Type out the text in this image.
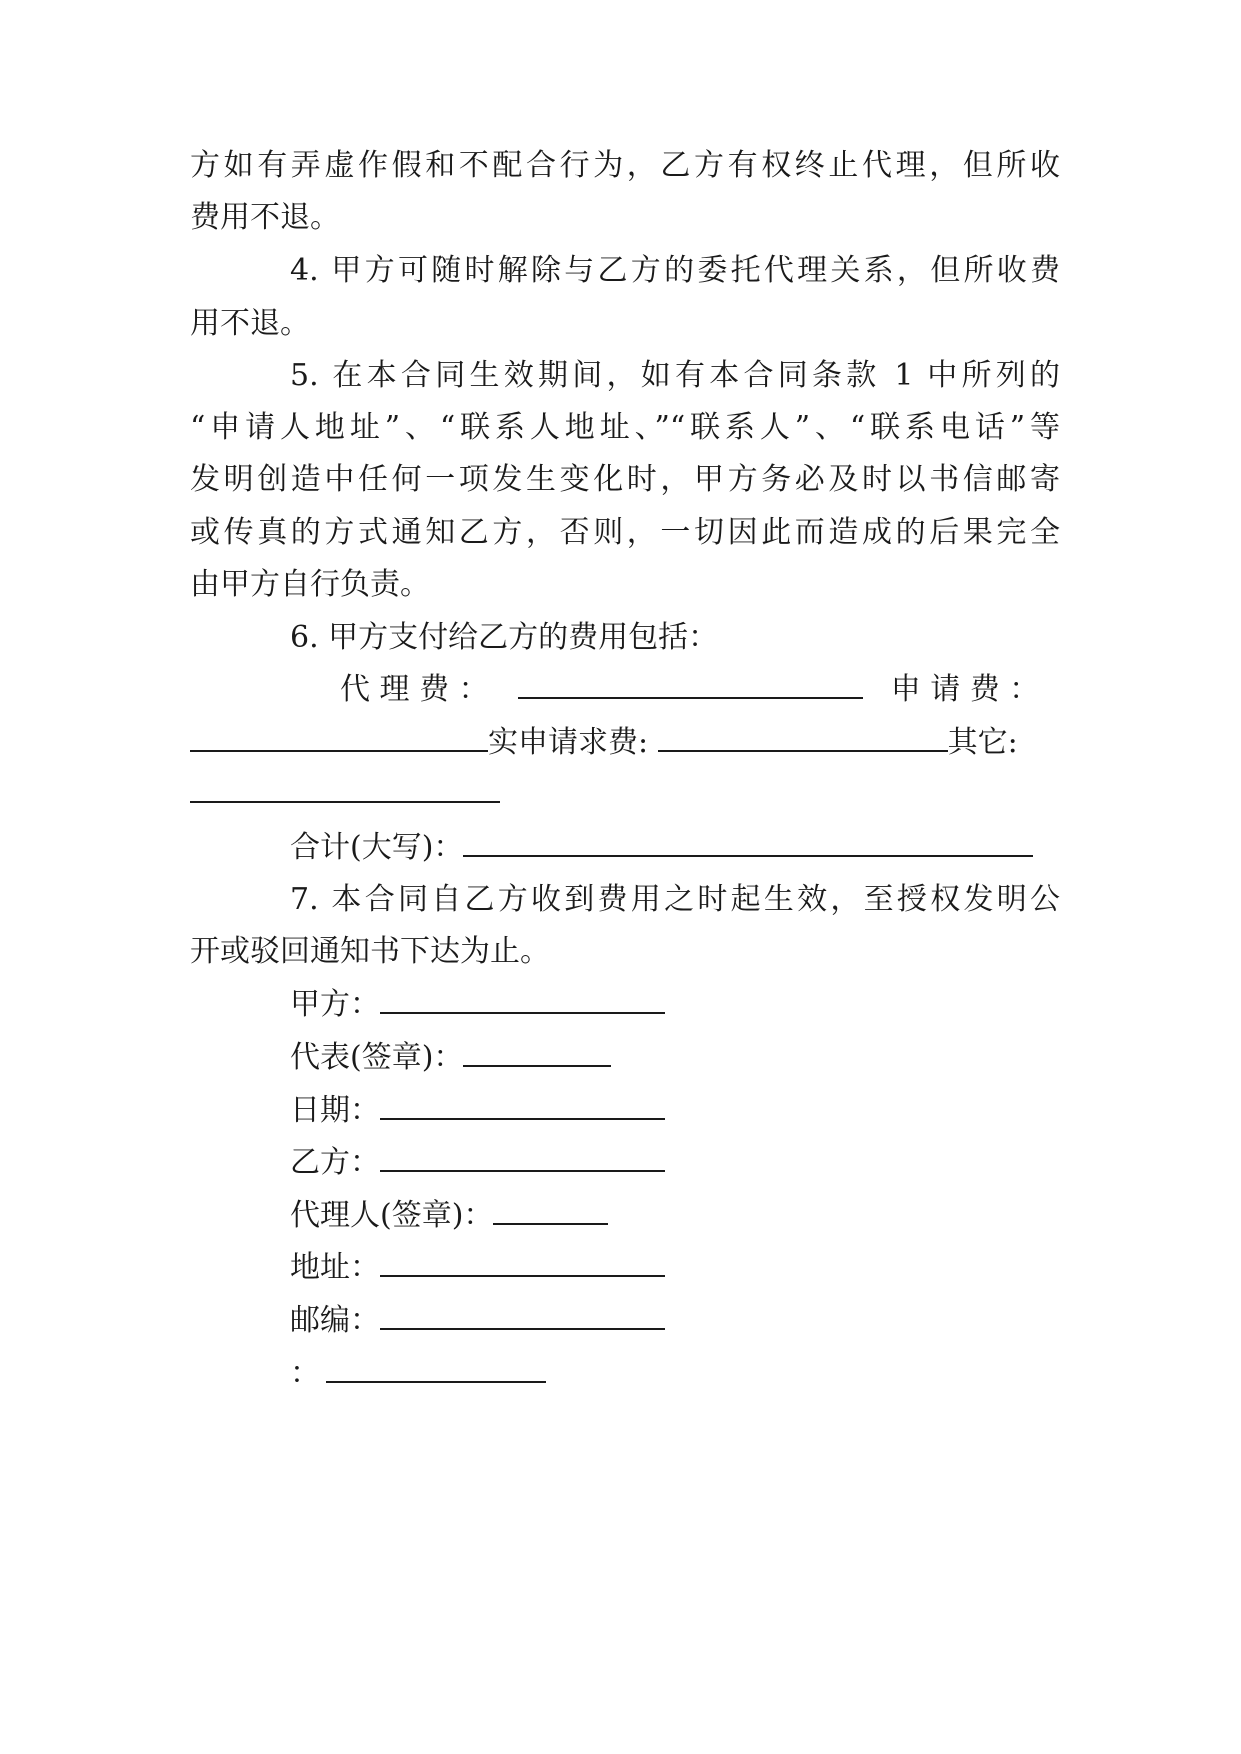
方如有弄虚作假和不配合行为，乙方有权终止代理，但所收
费用不退。
4. 甲方可随时解除与乙方的委托代理关系，但所收费
用不退。
5. 在本合同生效期间，如有本合同条款 1 中所列的
“申请人地址”、“联系人地址、”“联系人”、“联系电话”等
发明创造中任何一项发生变化时，甲方务必及时以书信邮寄
或传真的方式通知乙方，否则，一切因此而造成的后果完全
由甲方自行负责。
6. 甲方支付给乙方的费用包括：
代 理 费 ：	申 请 费 ：
实申请求费:	其它:
合计(大写)：
7. 本合同自乙方收到费用之时起生效，至授权发明公
开或驳回通知书下达为止。
甲方：
代表(签章)：
日期：
乙方：
代理人(签章)：
地址：
邮编：
：
